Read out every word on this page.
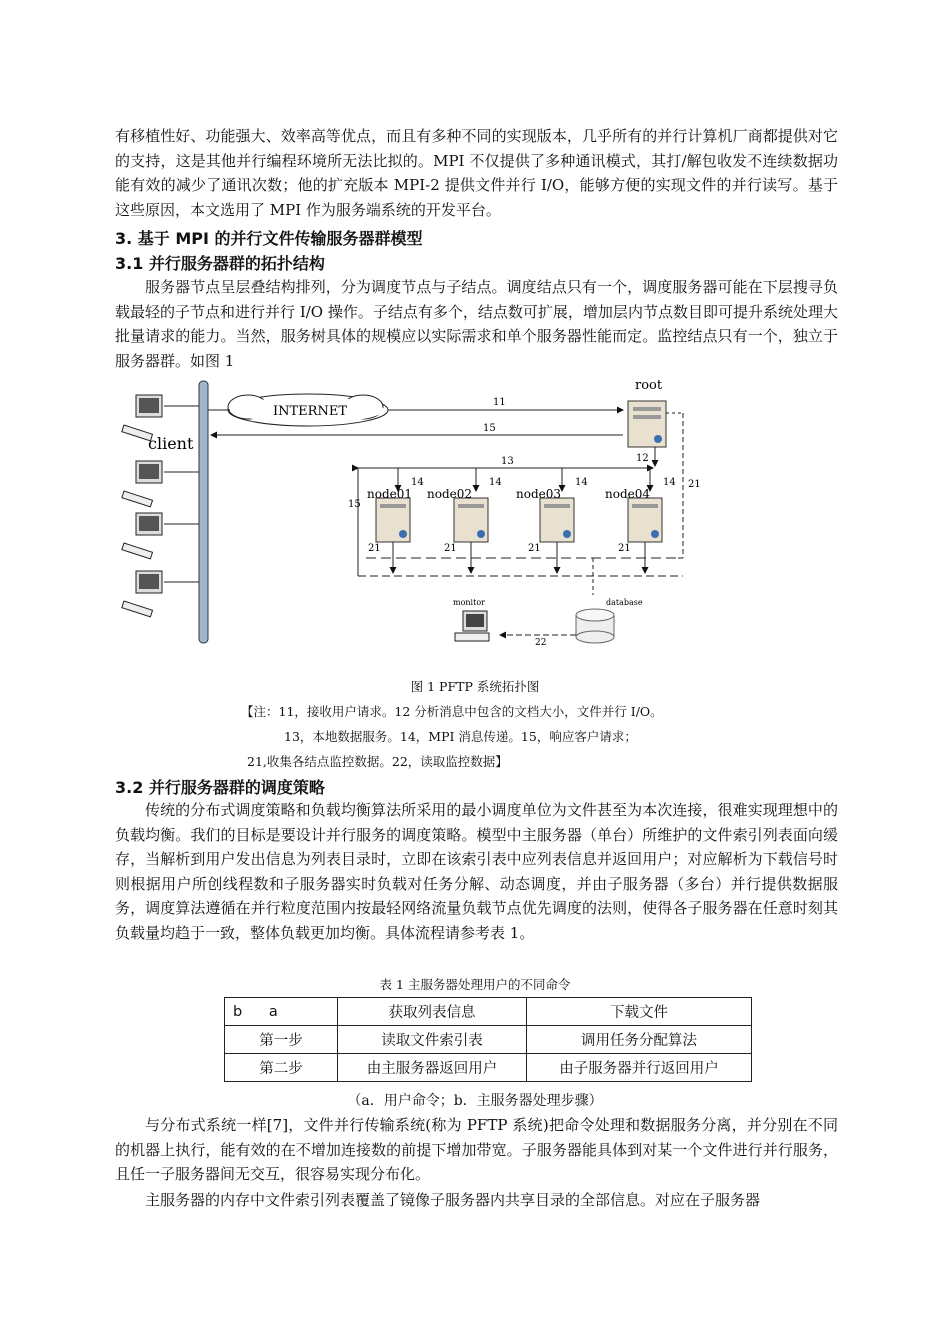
有移植性好、功能强大、效率高等优点，而且有多种不同的实现版本，几乎所有的并行计算机厂商都提供对它的支持，这是其他并行编程环境所无法比拟的。MPI 不仅提供了多种通讯模式，其打/解包收发不连续数据功能有效的减少了通讯次数；他的扩充版本 MPI-2 提供文件并行 I/O，能够方便的实现文件的并行读写。基于这些原因，本文选用了 MPI 作为服务端系统的开发平台。

3. 基于 MPI 的并行文件传输服务器群模型

3.1 并行服务器群的拓扑结构

服务器节点呈层叠结构排列，分为调度节点与子结点。调度结点只有一个，调度服务器可能在下层搜寻负载最轻的子节点和进行并行 I/O 操作。子结点有多个，结点数可扩展，增加层内节点数目即可提升系统处理大批量请求的能力。当然，服务树具体的规模应以实际需求和单个服务器性能而定。监控结点只有一个，独立于服务器群。如图 1

client
INTERNET
11
15
root
12
13
15
21
node01 node02	node03	node04
14	14	14	14
21	21	21	21
monitor	database
22

图 1 PFTP 系统拓扑图

【注：11，接收用户请求。12 分析消息中包含的文档大小，文件并行 I/O。

13，本地数据服务。14，MPI 消息传递。15，响应客户请求；

21,收集各结点监控数据。22，读取监控数据】

3.2 并行服务器群的调度策略

传统的分布式调度策略和负载均衡算法所采用的最小调度单位为文件甚至为本次连接，很难实现理想中的负载均衡。我们的目标是要设计并行服务的调度策略。模型中主服务器（单台）所维护的文件索引列表面向缓存，当解析到用户发出信息为列表目录时，立即在该索引表中应列表信息并返回用户；对应解析为下载信号时则根据用户所创线程数和子服务器实时负载对任务分解、动态调度，并由子服务器（多台）并行提供数据服务，调度算法遵循在并行粒度范围内按最轻网络流量负载节点优先调度的法则，使得各子服务器在任意时刻其负载量均趋于一致，整体负载更加均衡。具体流程请参考表 1。

表 1 主服务器处理用户的不同命令

b a	获取列表信息	下载文件
第一步	读取文件索引表	调用任务分配算法
第二步	由主服务器返回用户	由子服务器并行返回用户

（a．用户命令；b．主服务器处理步骤）

与分布式系统一样[7]，文件并行传输系统(称为 PFTP 系统)把命令处理和数据服务分离，并分别在不同的机器上执行，能有效的在不增加连接数的前提下增加带宽。子服务器能具体到对某一个文件进行并行服务，且任一子服务器间无交互，很容易实现分布化。

主服务器的内存中文件索引列表覆盖了镜像子服务器内共享目录的全部信息。对应在子服务器
